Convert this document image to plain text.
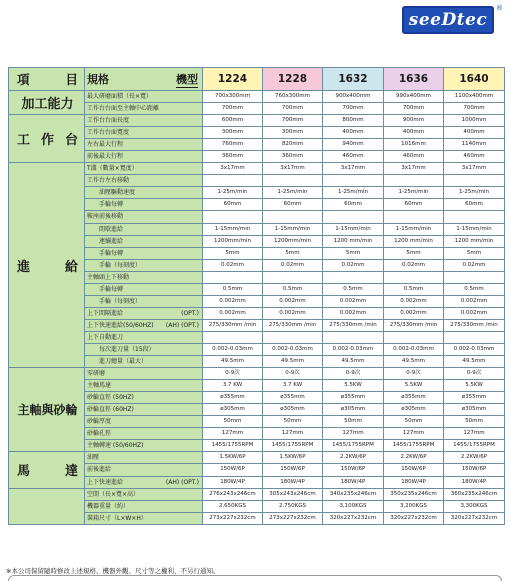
seeDtec
®
項 目	規格 機型	1224	1228	1632	1636	1640

加工能力	最大研磨面積（長×寬）	700x300mm	760x300mm	900x400mm	990x400mm	1100x400mm

	工作台台面至主軸中心距離	700mm	700mm	700mm	700mm	700mm

工 作 台	工作台台面長度	600mm	700mm	800mm	900mm	1000mm

	工作台台面寬度	300mm	300mm	400mm	400mm	400mm

	左右最大行程	760mm	820mm	940mm	1016mm	1140mm

	前後最大行程	360mm	360mm	460mm	460mm	460mm

進 給	T溝（數量×寬度）	3x17mm	3x17mm	3x17mm	3x17mm	3x17mm

	工作台左右移動					

	油壓驅動速度	1-25m/min	1-25m/min	1-25m/min	1-25m/min	1-25m/min

	手輪每轉	60mm	60mm	60mm	60mm	60mm

	鞍座前後移動					

	間歇進給	1-15mm/min	1-15mm/min	1-15mm/min	1-15mm/min	1-15mm/min

	連續進給	1200mm/min	1200mm/min	1200 mm/min	1200 mm/min	1200 mm/min

	手輪每轉	5mm	5mm	5mm	5mm	5mm

	手輪（每刻度）	0.02mm	0.02mm	0.02mm	0.02mm	0.02mm

	主軸頭上下移動					

	手輪每轉	0.5mm	0.5mm	0.5mm	0.5mm	0.5mm

	手輪（每刻度）	0.002mm	0.002mm	0.002mm	0.002mm	0.002mm

	上下間隔進給 (OPT.)	0.002mm	0.002mm	0.002mm	0.002mm	0.002mm

	上下快速進給(50/60HZ) (AH) (OPT.)	275/330mm /min	275/330mm /min	275/330mm /min	275/330mm /min	275/330mm /min

	上下自動進刀					

	每次進刀量（15段）	0.002-0.03mm	0.002-0.03mm	0.002-0.03mm	0.002-0.03mm	0.002-0.03mm

	進刀總量（最大）	49.5mm	49.5mm	49.5mm	49.5mm	49.5mm

主軸與砂輪	零研磨	0-9次	0-9次	0-9次	0-9次	0-9次

	主軸馬達	3.7 KW	3.7 KW	5.5KW	5.5KW	5.5KW

	砂輪直徑 (50HZ)	ø355mm	ø355mm	ø355mm	ø355mm	ø355mm

	砂輪直徑 (60HZ)	ø305mm	ø305mm	ø305mm	ø305mm	ø305mm

	砂輪厚度	50mm	50mm	50mm	50mm	50mm

	砂輪孔徑	127mm	127mm	127mm	127mm	127mm

	主軸轉速 (50/60HZ)	1455/1755RPM	1455/1755RPM	1455/1755RPM	1455/1755RPM	1455/1755RPM

馬 達	油壓	1.5KW/6P	1.5KW/6P	2.2KW/6P	2.2KW/6P	2.2KW/6P

	前後進給	150W/6P	150W/6P	150W/6P	150W/6P	150W/6P

	上下快速進給 (AH) (OPT.)	180W/4P	180W/4P	180W/4P	180W/4P	180W/4P

	空間（長×寬×高）	276x243x246cm	305x243x246cm	340x235x246cm	350x235x246cm	360x235x246cm

	機器重量（約）	2,650KGS	2,750KGS	3,100KGS	3,200KGS	3,300KGS

	裝箱尺寸（L×W×H）	273x227x232cm	273x227x232cm	320x227x232cm	320x227x232cm	320x227x232cm
※本公司保留隨時修改上述規格、機器外觀、尺寸等之權利，不另行通知。
